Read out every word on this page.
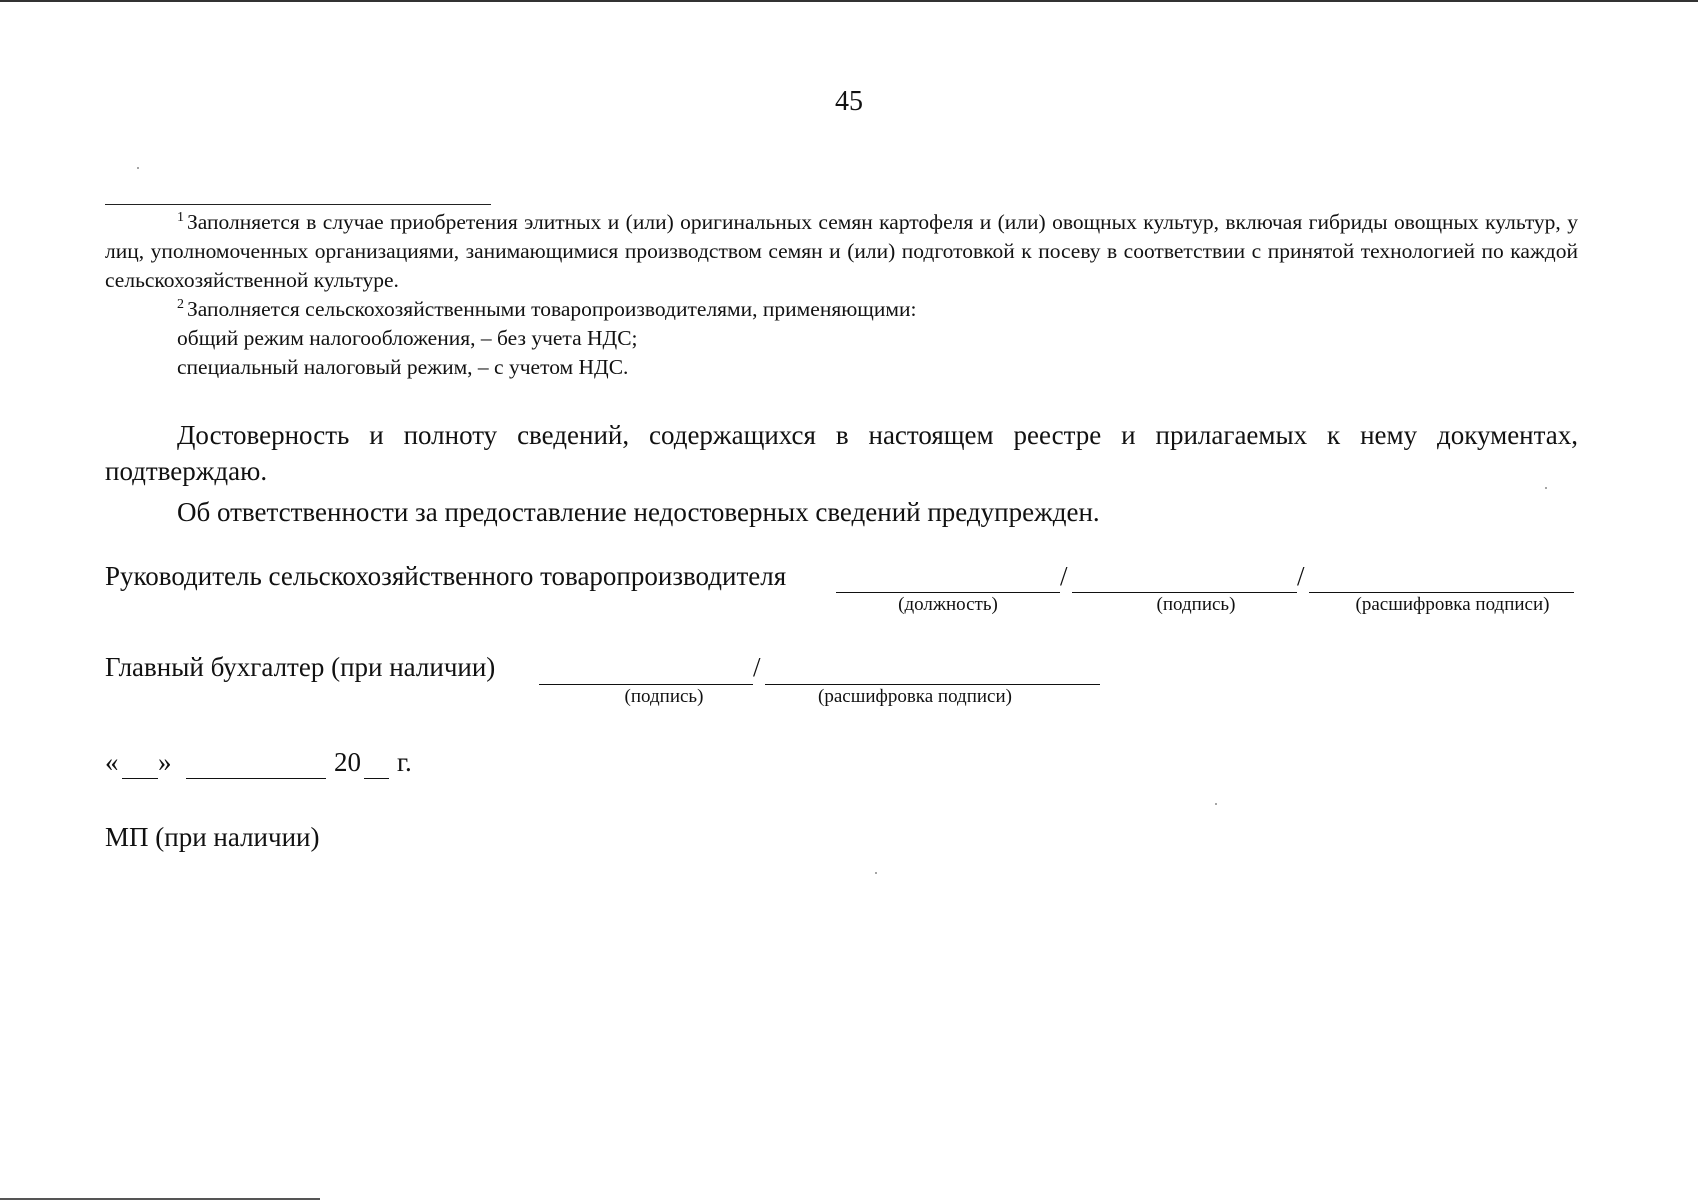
45

$^1$ Заполняется в случае приобретения элитных и (или) оригинальных семян картофеля и (или) овощных культур, включая гибриды овощных культур, у лиц, уполномоченных организациями, занимающимися производством семян и (или) подготовкой к посеву в соответствии с принятой технологией по каждой сельскохозяйственной культуре.

$^2$ Заполняется сельскохозяйственными товаропроизводителями, применяющими:

общий режим налогообложения, – без учета НДС;

специальный налоговый режим, – с учетом НДС.

Достоверность и полноту сведений, содержащихся в настоящем реестре и прилагаемых к нему документах, подтверждаю.

Об ответственности за предоставление недостоверных сведений предупрежден.

Руководитель сельскохозяйственного товаропроизводителя	/	/
(должность)	(подпись)	(расшифровка подписи)
Главный бухгалтер (при наличии)	/
(подпись)	(расшифровка подписи)
« »	20 г.
МП (при наличии)
